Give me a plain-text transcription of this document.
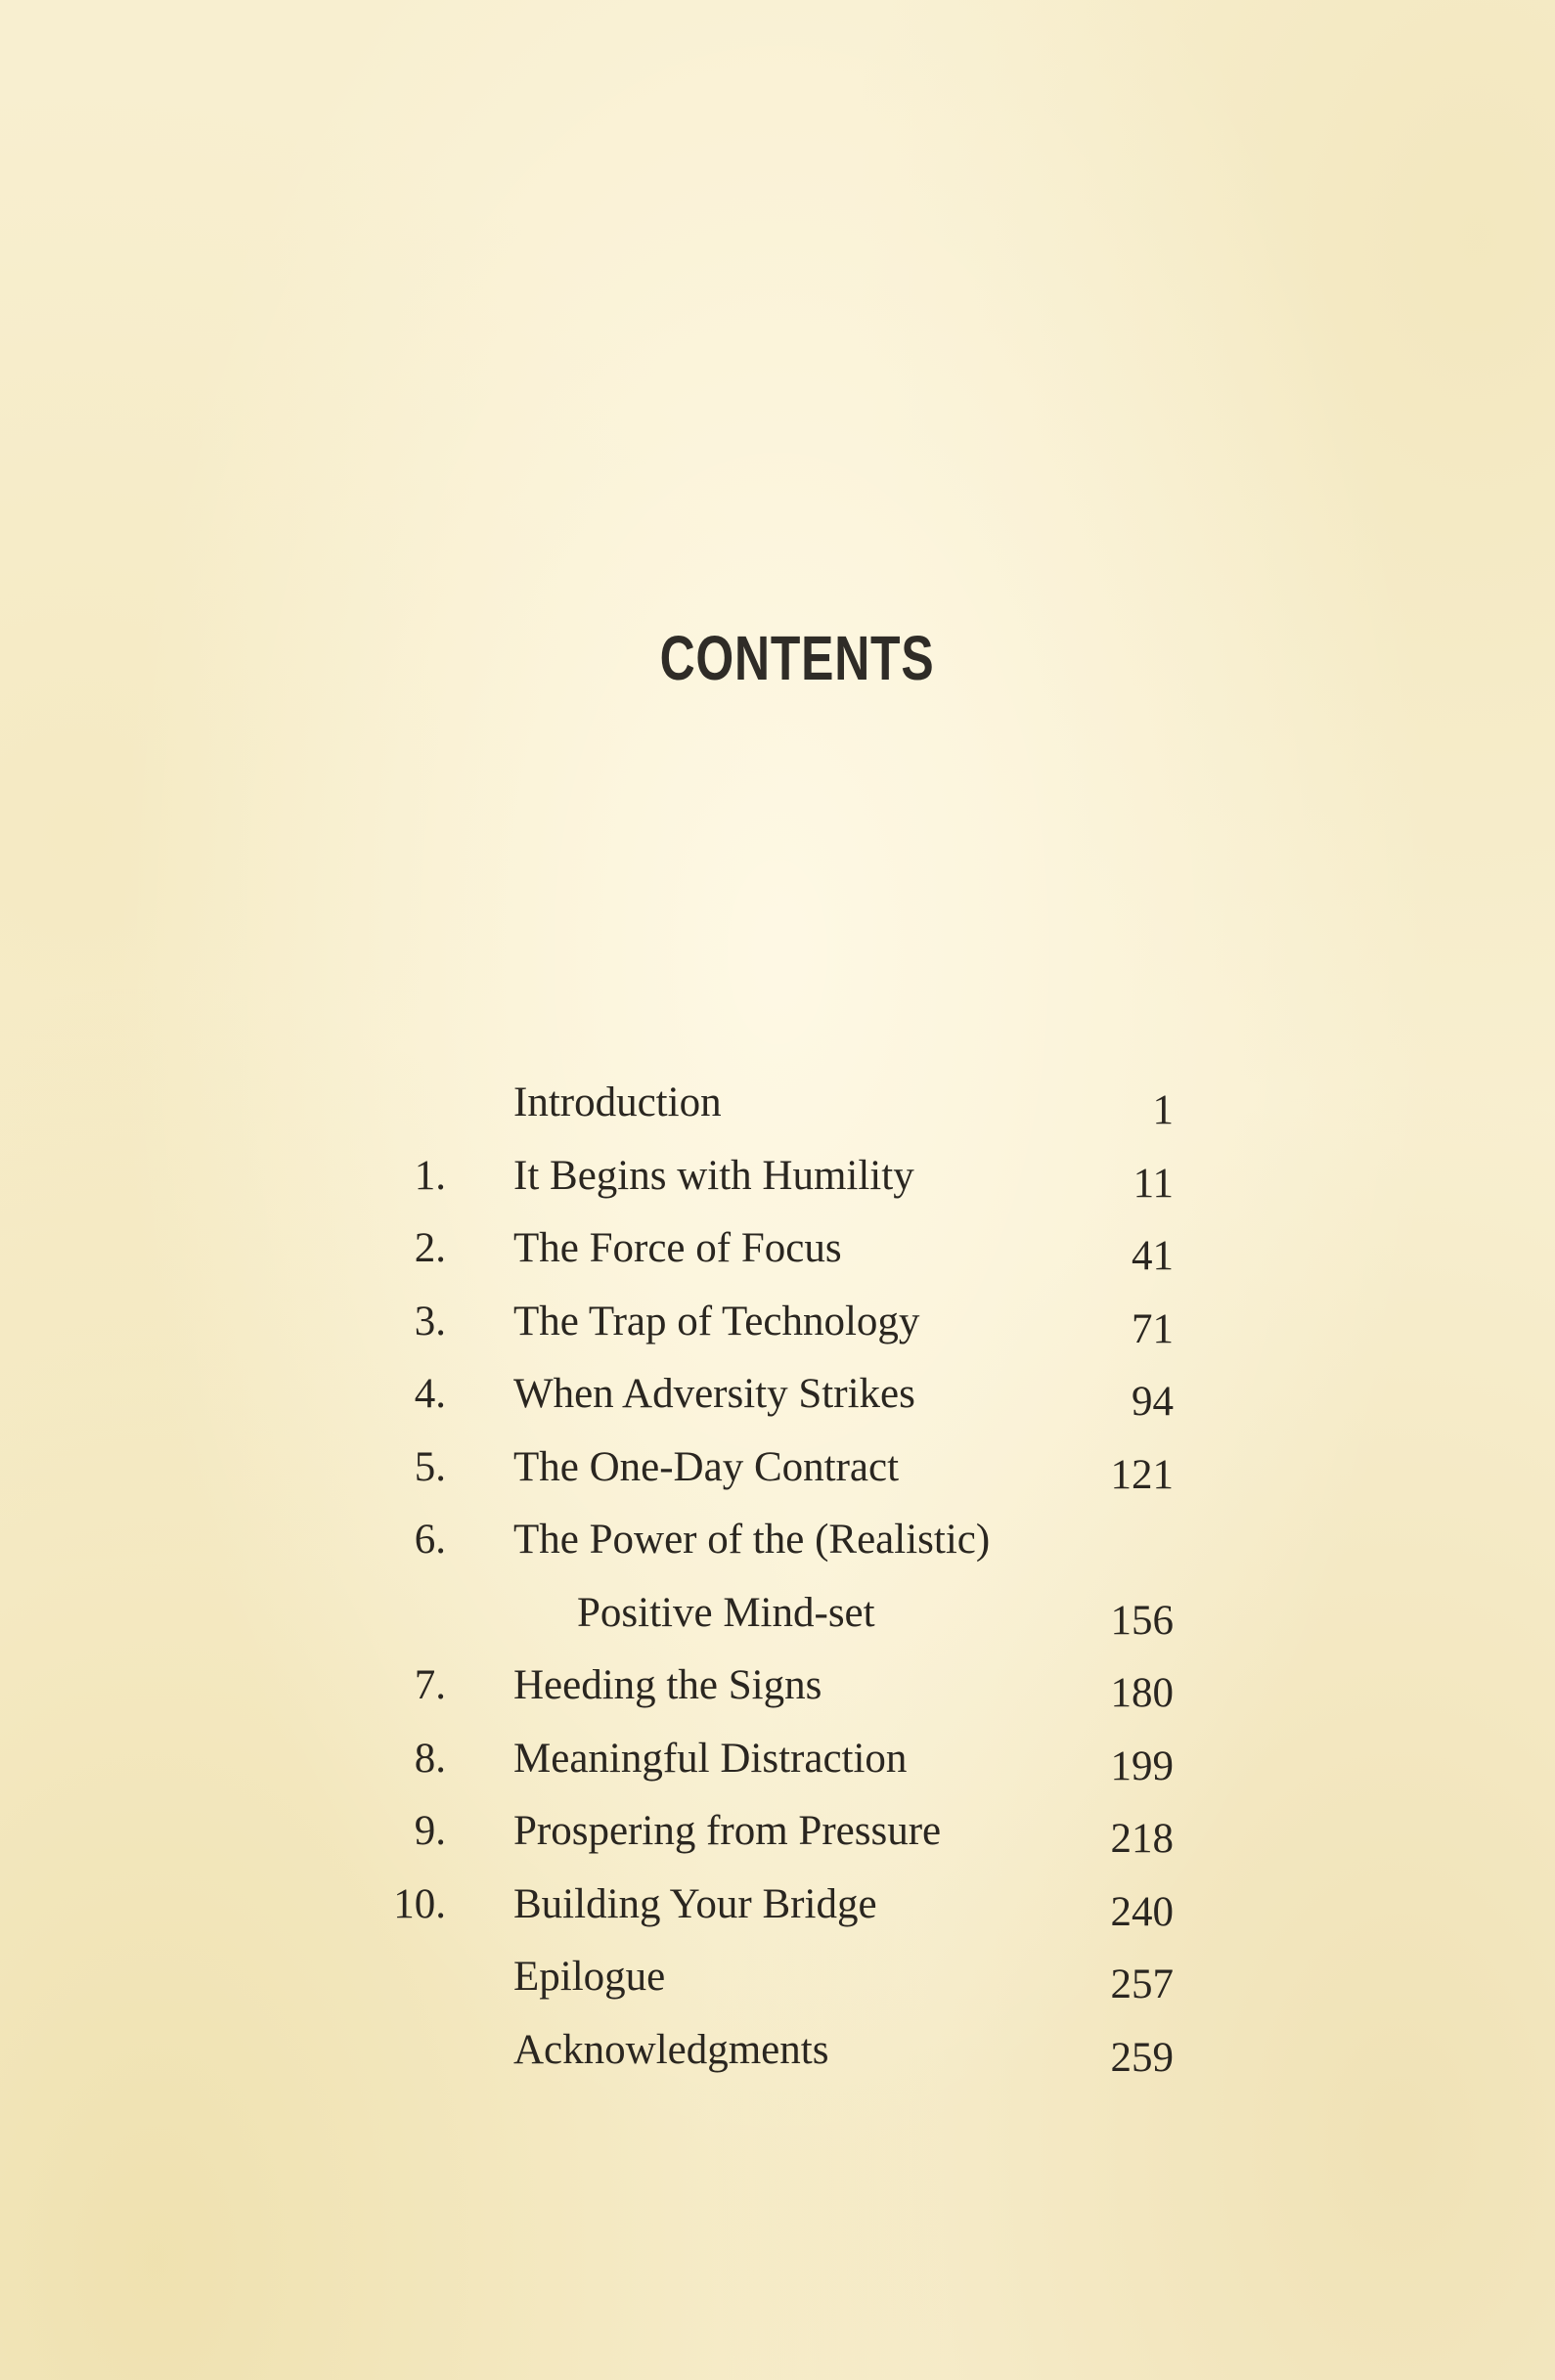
CONTENTS
Introduction	1
1. It Begins with Humility	11
2. The Force of Focus	41
3. The Trap of Technology	71
4. When Adversity Strikes	94
5. The One-Day Contract	121
6. The Power of the (Realistic)
Positive Mind-set	156
7. Heeding the Signs	180
8. Meaningful Distraction	199
9. Prospering from Pressure	218
10. Building Your Bridge	240
Epilogue	257
Acknowledgments	259
